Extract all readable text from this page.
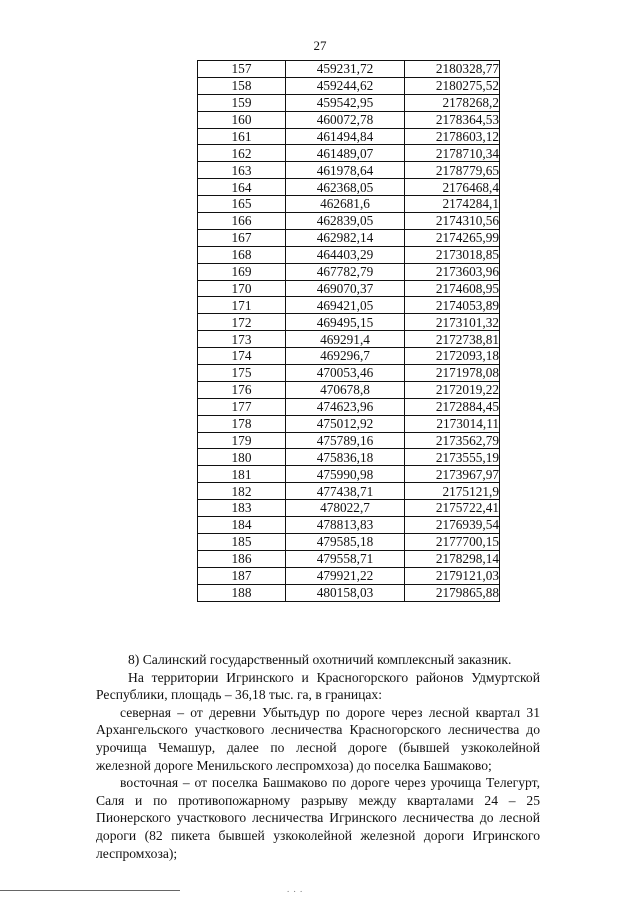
27
157	459231,72	2180328,77
158	459244,62	2180275,52
159	459542,95	2178268,2
160	460072,78	2178364,53
161	461494,84	2178603,12
162	461489,07	2178710,34
163	461978,64	2178779,65
164	462368,05	2176468,4
165	462681,6	2174284,1
166	462839,05	2174310,56
167	462982,14	2174265,99
168	464403,29	2173018,85
169	467782,79	2173603,96
170	469070,37	2174608,95
171	469421,05	2174053,89
172	469495,15	2173101,32
173	469291,4	2172738,81
174	469296,7	2172093,18
175	470053,46	2171978,08
176	470678,8	2172019,22
177	474623,96	2172884,45
178	475012,92	2173014,11
179	475789,16	2173562,79
180	475836,18	2173555,19
181	475990,98	2173967,97
182	477438,71	2175121,9
183	478022,7	2175722,41
184	478813,83	2176939,54
185	479585,18	2177700,15
186	479558,71	2178298,14
187	479921,22	2179121,03
188	480158,03	2179865,88

8) Салинский государственный охотничий комплексный заказник.

На территории Игринского и Красногорского районов Удмуртской Республики, площадь – 36,18 тыс. га, в границах:

северная – от деревни Убытьдур по дороге через лесной квартал 31 Архангельского участкового лесничества Красногорского лесничества до урочища Чемашур, далее по лесной дороге (бывшей узкоколейной железной дороге Менильского леспромхоза) до поселка Башмаково;

восточная – от поселка Башмаково по дороге через урочища Телегурт, Саля и по противопожарному разрыву между кварталами 24 – 25 Пионерского участкового лесничества Игринского лесничества до лесной дороги (82 пикета бывшей узкоколейной железной дороги Игринского леспромхоза);

. . .
